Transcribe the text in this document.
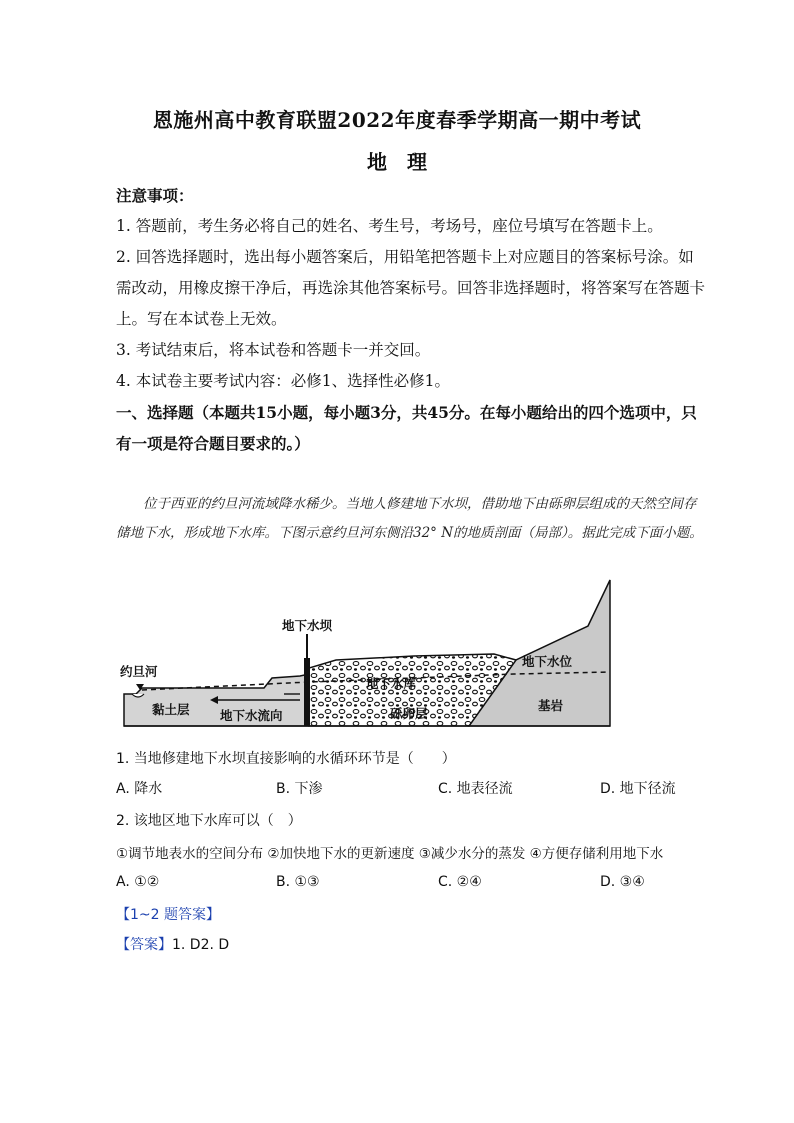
恩施州高中教育联盟2022年度春季学期高一期中考试
地　理

注意事项：

1. 答题前，考生务必将自己的姓名、考生号，考场号，座位号填写在答题卡上。

2. 回答选择题时，选出每小题答案后，用铅笔把答题卡上对应题目的答案标号涂。如需改动，用橡皮擦干净后，再选涂其他答案标号。回答非选择题时，将答案写在答题卡上。写在本试卷上无效。

3. 考试结束后，将本试卷和答题卡一并交回。

4. 本试卷主要考试内容：必修1、选择性必修1。

一、选择题（本题共15小题，每小题3分，共45分。在每小题给出的四个选项中，只有一项是符合题目要求的。）

位于西亚的约旦河流域降水稀少。当地人修建地下水坝，借助地下由砾卵层组成的天然空间存储地下水，形成地下水库。下图示意约旦河东侧沿32° N的地质剖面（局部）。据此完成下面小题。

地下水坝
约旦河
黏土层 地下水流向
地下水库
砾卵层
地下水位
基岩
1. 当地修建地下水坝直接影响的水循环环节是（　　）
A. 降水	B. 下渗	C. 地表径流	D. 地下径流
2. 该地区地下水库可以（　）
①调节地表水的空间分布 ②加快地下水的更新速度 ③减少水分的蒸发 ④方便存储利用地下水
A. ①②	B. ①③	C. ②④	D. ③④
【1~2 题答案】
【答案】1. D2. D
